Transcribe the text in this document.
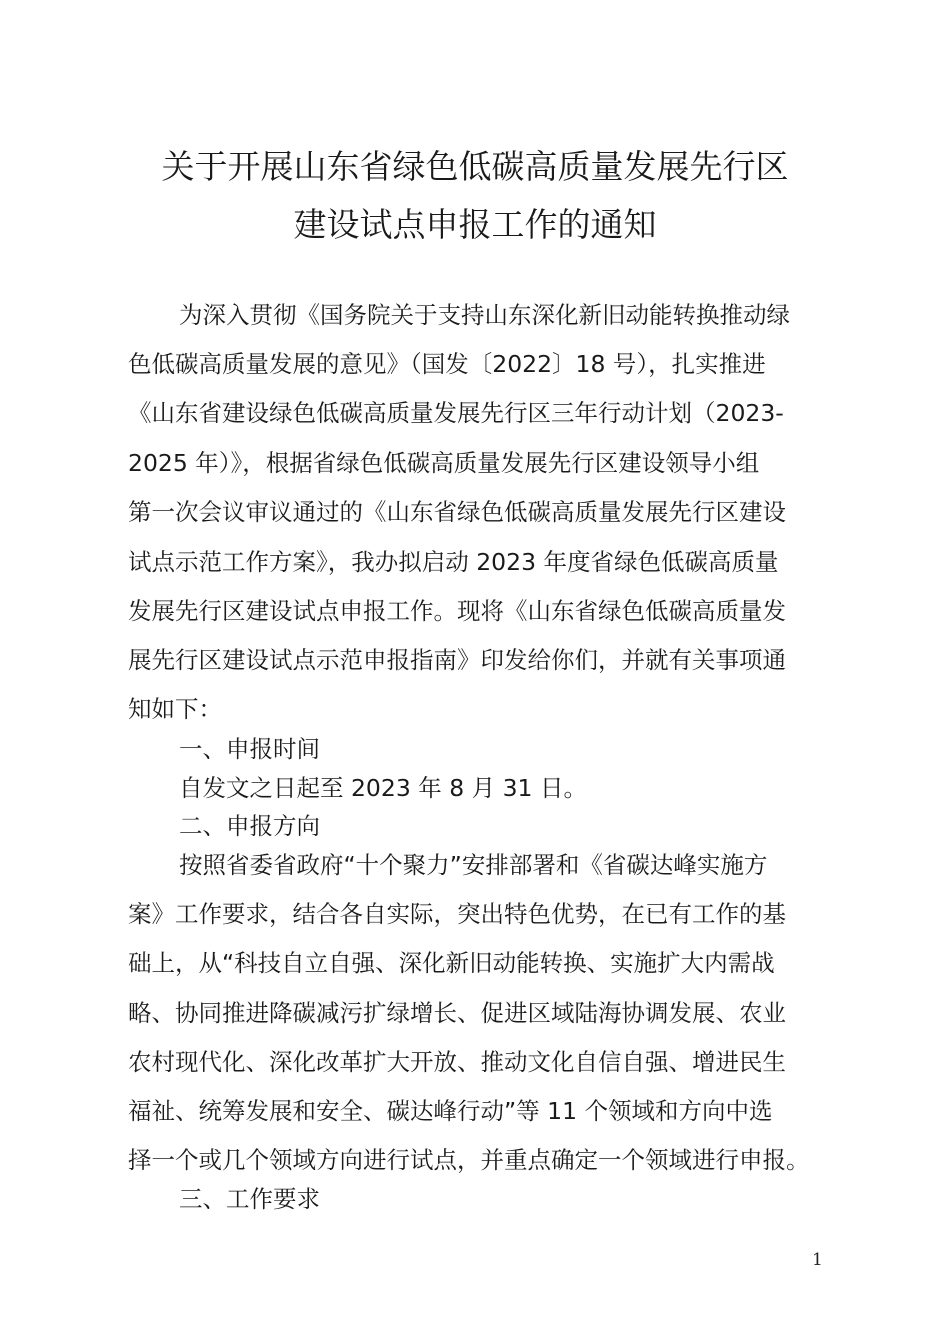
关于开展山东省绿色低碳高质量发展先行区
建设试点申报工作的通知
为深入贯彻《国务院关于支持山东深化新旧动能转换推动绿
色低碳高质量发展的意见》（国发〔2022〕18 号），扎实推进
《山东省建设绿色低碳高质量发展先行区三年行动计划（2023-
2025 年）》，根据省绿色低碳高质量发展先行区建设领导小组
第一次会议审议通过的《山东省绿色低碳高质量发展先行区建设
试点示范工作方案》，我办拟启动 2023 年度省绿色低碳高质量
发展先行区建设试点申报工作。现将《山东省绿色低碳高质量发
展先行区建设试点示范申报指南》印发给你们，并就有关事项通
知如下：
一、申报时间
自发文之日起至 2023 年 8 月 31 日。
二、申报方向
按照省委省政府“十个聚力”安排部署和《省碳达峰实施方
案》工作要求，结合各自实际，突出特色优势，在已有工作的基
础上，从“科技自立自强、深化新旧动能转换、实施扩大内需战
略、协同推进降碳减污扩绿增长、促进区域陆海协调发展、农业
农村现代化、深化改革扩大开放、推动文化自信自强、增进民生
福祉、统筹发展和安全、碳达峰行动”等 11 个领域和方向中选
择一个或几个领域方向进行试点，并重点确定一个领域进行申报。
三、工作要求
1
